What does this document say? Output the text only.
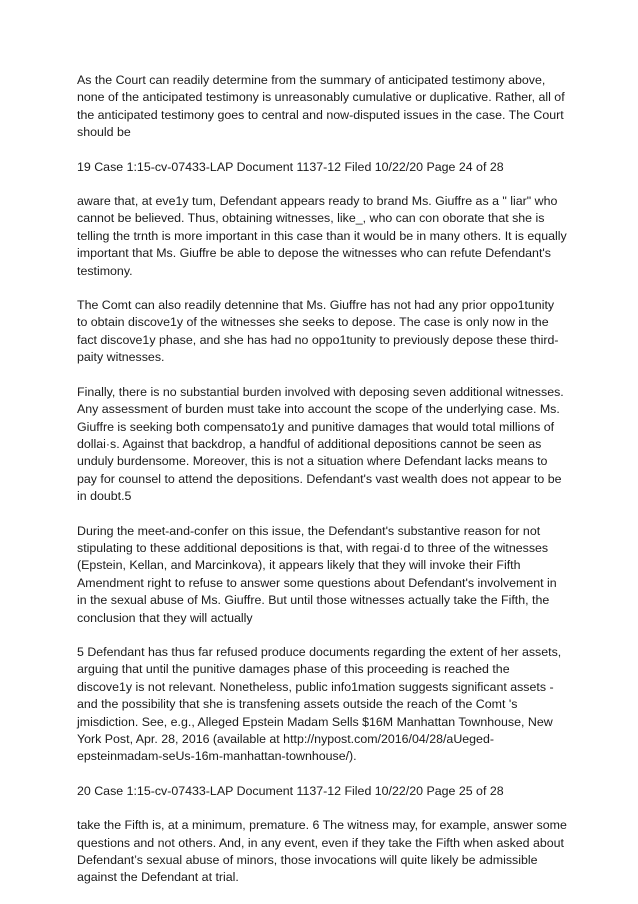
As the Court can readily determine from the summary of anticipated testimony above, none of the anticipated testimony is unreasonably cumulative or duplicative. Rather, all of the anticipated testimony goes to central and now-disputed issues in the case. The Court should be

19 Case 1:15-cv-07433-LAP Document 1137-12 Filed 10/22/20 Page 24 of 28

aware that, at eve1y tum, Defendant appears ready to brand Ms. Giuffre as a " liar" who cannot be believed. Thus, obtaining witnesses, like_, who can con oborate that she is telling the trnth is more important in this case than it would be in many others. It is equally important that Ms. Giuffre be able to depose the witnesses who can refute Defendant's testimony.

The Comt can also readily detennine that Ms. Giuffre has not had any prior oppo1tunity to obtain discove1y of the witnesses she seeks to depose. The case is only now in the fact discove1y phase, and she has had no oppo1tunity to previously depose these third-paity witnesses.

Finally, there is no substantial burden involved with deposing seven additional witnesses. Any assessment of burden must take into account the scope of the underlying case. Ms. Giuffre is seeking both compensato1y and punitive damages that would total millions of dollai·s. Against that backdrop, a handful of additional depositions cannot be seen as unduly burdensome. Moreover, this is not a situation where Defendant lacks means to pay for counsel to attend the depositions. Defendant's vast wealth does not appear to be in doubt.5

During the meet-and-confer on this issue, the Defendant's substantive reason for not stipulating to these additional depositions is that, with regai·d to three of the witnesses (Epstein, Kellan, and Marcinkova), it appears likely that they will invoke their Fifth Amendment right to refuse to answer some questions about Defendant's involvement in in the sexual abuse of Ms. Giuffre. But until those witnesses actually take the Fifth, the conclusion that they will actually

5 Defendant has thus far refused produce documents regarding the extent of her assets, arguing that until the punitive damages phase of this proceeding is reached the discove1y is not relevant. Nonetheless, public info1mation suggests significant assets - and the possibility that she is transfening assets outside the reach of the Comt 's jmisdiction. See, e.g., Alleged Epstein Madam Sells $16M Manhattan Townhouse, New York Post, Apr. 28, 2016 (available at http://nypost.com/2016/04/28/aUeged-epsteinmadam-seUs-16m-manhattan-townhouse/).

20 Case 1:15-cv-07433-LAP Document 1137-12 Filed 10/22/20 Page 25 of 28

take the Fifth is, at a minimum, premature. 6 The witness may, for example, answer some questions and not others. And, in any event, even if they take the Fifth when asked about Defendant’s sexual abuse of minors, those invocations will quite likely be admissible against the Defendant at trial.
